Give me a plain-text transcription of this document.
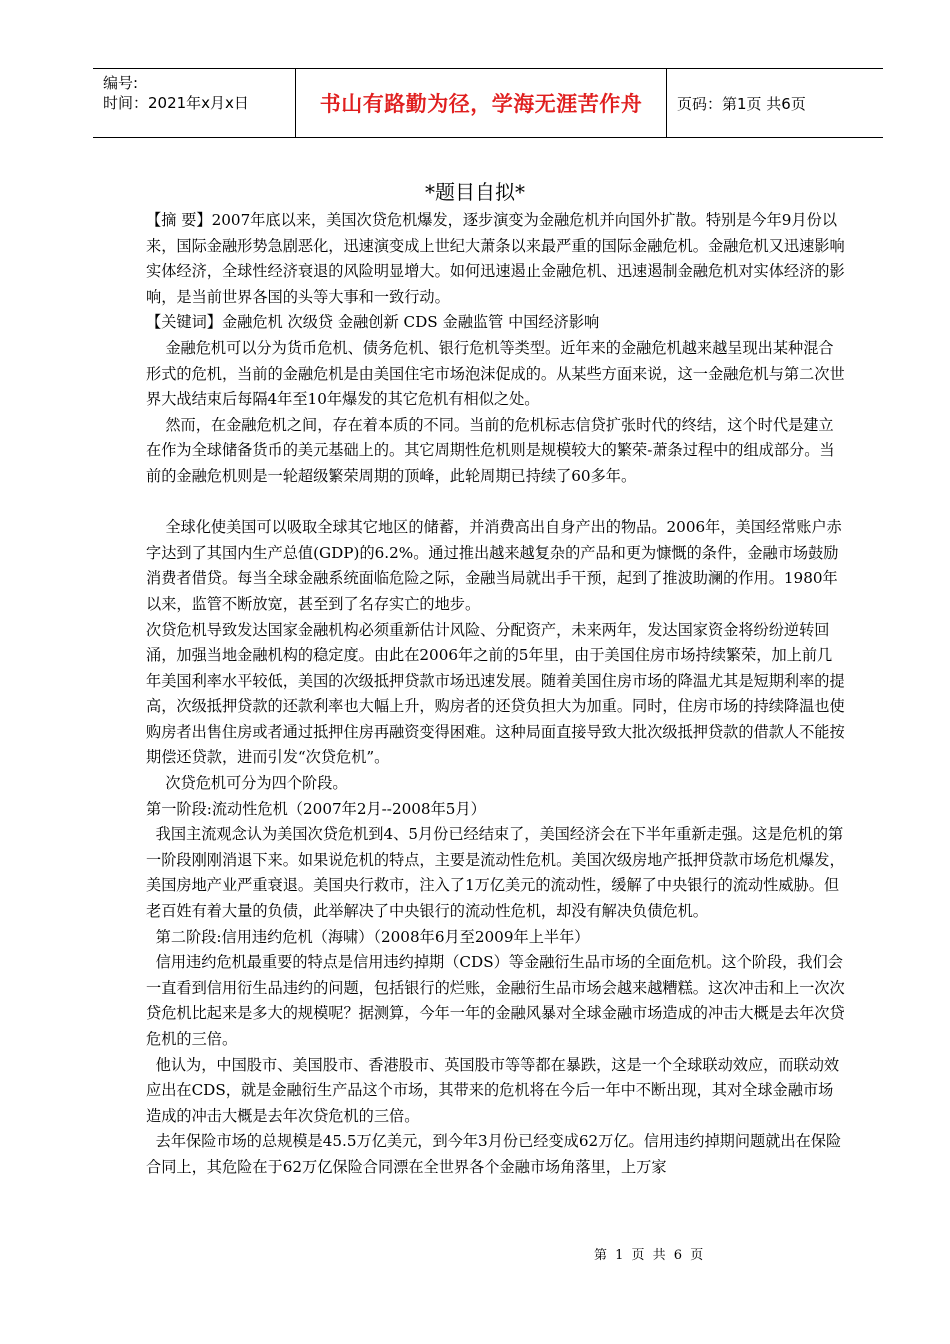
编号:
时间：2021年x月x日	书山有路勤为径，学海无涯苦作舟	页码：第1页 共6页
*题目自拟*

【摘 要】2007年底以来，美国次贷危机爆发，逐步演变为金融危机并向国外扩散。特别是今年9月份以来，国际金融形势急剧恶化，迅速演变成上世纪大萧条以来最严重的国际金融危机。金融危机又迅速影响实体经济，全球性经济衰退的风险明显增大。如何迅速遏止金融危机、迅速遏制金融危机对实体经济的影响，是当前世界各国的头等大事和一致行动。

【关键词】金融危机 次级贷 金融创新 CDS 金融监管 中国经济影响

金融危机可以分为货币危机、债务危机、银行危机等类型。近年来的金融危机越来越呈现出某种混合形式的危机，当前的金融危机是由美国住宅市场泡沫促成的。从某些方面来说，这一金融危机与第二次世界大战结束后每隔4年至10年爆发的其它危机有相似之处。

然而，在金融危机之间，存在着本质的不同。当前的危机标志信贷扩张时代的终结，这个时代是建立在作为全球储备货币的美元基础上的。其它周期性危机则是规模较大的繁荣-萧条过程中的组成部分。当前的金融危机则是一轮超级繁荣周期的顶峰，此轮周期已持续了60多年。

全球化使美国可以吸取全球其它地区的储蓄，并消费高出自身产出的物品。2006年，美国经常账户赤字达到了其国内生产总值(GDP)的6.2%。通过推出越来越复杂的产品和更为慷慨的条件，金融市场鼓励消费者借贷。每当全球金融系统面临危险之际，金融当局就出手干预，起到了推波助澜的作用。1980年以来，监管不断放宽，甚至到了名存实亡的地步。

次贷危机导致发达国家金融机构必须重新估计风险、分配资产，未来两年，发达国家资金将纷纷逆转回涌，加强当地金融机构的稳定度。由此在2006年之前的5年里，由于美国住房市场持续繁荣，加上前几年美国利率水平较低，美国的次级抵押贷款市场迅速发展。随着美国住房市场的降温尤其是短期利率的提高，次级抵押贷款的还款利率也大幅上升，购房者的还贷负担大为加重。同时，住房市场的持续降温也使购房者出售住房或者通过抵押住房再融资变得困难。这种局面直接导致大批次级抵押贷款的借款人不能按期偿还贷款，进而引发“次贷危机”。

次贷危机可分为四个阶段。

第一阶段:流动性危机（2007年2月--2008年5月）

我国主流观念认为美国次贷危机到4、5月份已经结束了，美国经济会在下半年重新走强。这是危机的第一阶段刚刚消退下来。如果说危机的特点，主要是流动性危机。美国次级房地产抵押贷款市场危机爆发，美国房地产业严重衰退。美国央行救市，注入了1万亿美元的流动性，缓解了中央银行的流动性威胁。但老百姓有着大量的负债，此举解决了中央银行的流动性危机，却没有解决负债危机。

第二阶段:信用违约危机（海啸）（2008年6月至2009年上半年）

信用违约危机最重要的特点是信用违约掉期（CDS）等金融衍生品市场的全面危机。这个阶段，我们会一直看到信用衍生品违约的问题，包括银行的烂账，金融衍生品市场会越来越糟糕。这次冲击和上一次次贷危机比起来是多大的规模呢？据测算，今年一年的金融风暴对全球金融市场造成的冲击大概是去年次贷危机的三倍。

他认为，中国股市、美国股市、香港股市、英国股市等等都在暴跌，这是一个全球联动效应，而联动效应出在CDS，就是金融衍生产品这个市场，其带来的危机将在今后一年中不断出现，其对全球金融市场造成的冲击大概是去年次贷危机的三倍。

去年保险市场的总规模是45.5万亿美元，到今年3月份已经变成62万亿。信用违约掉期问题就出在保险合同上，其危险在于62万亿保险合同漂在全世界各个金融市场角落里，上万家

第 1 页 共 6 页
